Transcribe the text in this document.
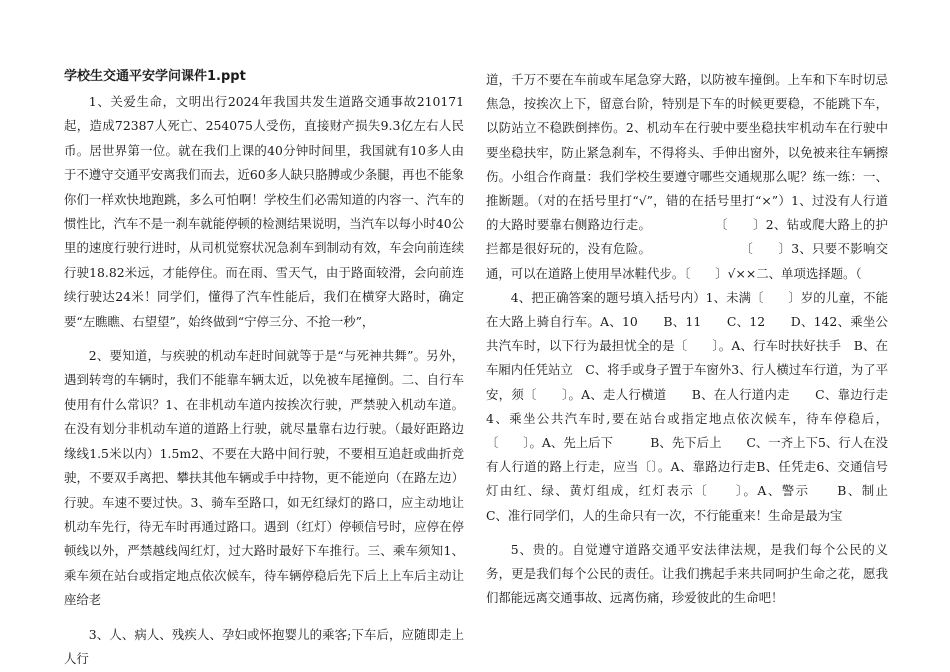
学校生交通平安学问课件1.ppt

1、关爱生命，文明出行2024年我国共发生道路交通事故210171起，造成72387人死亡、254075人受伤，直接财产损失9.3亿左右人民币。居世界第一位。就在我们上课的40分钟时间里，我国就有10多人由于不遵守交通平安离我们而去，近60多人缺只胳膊或少条腿，再也不能象你们一样欢快地跑跳，多么可怕啊！学校生们必需知道的内容一、汽车的惯性比，汽车不是一刹车就能停顿的检测结果说明，当汽车以每小时40公里的速度行驶行进时，从司机觉察状况急刹车到制动有效，车会向前连续行驶18.82米远，才能停住。而在雨、雪天气，由于路面较滑，会向前连续行驶达24米！同学们，懂得了汽车性能后，我们在横穿大路时，确定要“左瞧瞧、右望望”，始终做到“宁停三分、不抢一秒”，

2、要知道，与疾驶的机动车赶时间就等于是“与死神共舞”。另外，遇到转弯的车辆时，我们不能靠车辆太近，以免被车尾撞倒。二、自行车使用有什么常识？1、在非机动车道内按挨次行驶，严禁驶入机动车道。在没有划分非机动车道的道路上行驶，就尽量靠右边行驶。（最好距路边缘线1.5米以内）1.5m2、不要在大路中间行驶，不要相互追赶或曲折竞驶，不要双手离把、攀扶其他车辆或手中持物，更不能逆向（在路左边）行驶。车速不要过快。3、骑车至路口，如无红绿灯的路口，应主动地让机动车先行，待无车时再通过路口。遇到（红灯）停顿信号时，应停在停顿线以外，严禁越线闯红灯，过大路时最好下车推行。三、乘车须知1、乘车须在站台或指定地点依次候车，待车辆停稳后先下后上上车后主动让座给老

3、人、病人、残疾人、孕妇或怀抱婴儿的乘客;下车后，应随即走上人行

道，千万不要在车前或车尾急穿大路，以防被车撞倒。上车和下车时切忌焦急，按挨次上下，留意台阶，特别是下车的时候更要稳，不能跳下车，以防站立不稳跌倒摔伤。2、机动车在行驶中要坐稳扶牢机动车在行驶中要坐稳扶牢，防止紧急刹车，不得将头、手伸出窗外，以免被来往车辆擦伤。小组合作商量：我们学校生要遵守哪些交通规那么呢？练一练：一、推断题。（对的在括号里打“√”，错的在括号里打“×”）1、过没有人行道的大路时要靠右侧路边行走。　　　　　　〔　　〕2、钻或爬大路上的护拦都是很好玩的，没有危险。　　　　　　　　〔　　〕3、只要不影响交通，可以在道路上使用旱冰鞋代步。〔　　〕√××二、单项选择题。（

4、把正确答案的题号填入括号内）1、未满〔　　〕岁的儿童，不能在大路上骑自行车。A、10　　B、11　　C、12　　D、142、乘坐公共汽车时，以下行为最担忧全的是〔　　〕。A、行车时扶好扶手　B、在车厢内任凭站立　C、将手或身子置于车窗外3、行人横过车行道，为了平安，须〔　　〕。A、走人行横道　　B、在人行道内走　　C、靠边行走4、乘坐公共汽车时,要在站台或指定地点依次候车，待车停稳后，〔　　〕。A、先上后下　　　B、先下后上　　C、一齐上下5、行人在没有人行道的路上行走，应当〔〕。A、靠路边行走B、任凭走6、交通信号灯由红、绿、黄灯组成，红灯表示〔　　〕。A、警示　　B、制止　　　C、准行同学们，人的生命只有一次，不行能重来！生命是最为宝

5、贵的。自觉遵守道路交通平安法律法规，是我们每个公民的义务，更是我们每个公民的责任。让我们携起手来共同呵护生命之花，愿我们都能远离交通事故、远离伤痛，珍爱彼此的生命吧！
